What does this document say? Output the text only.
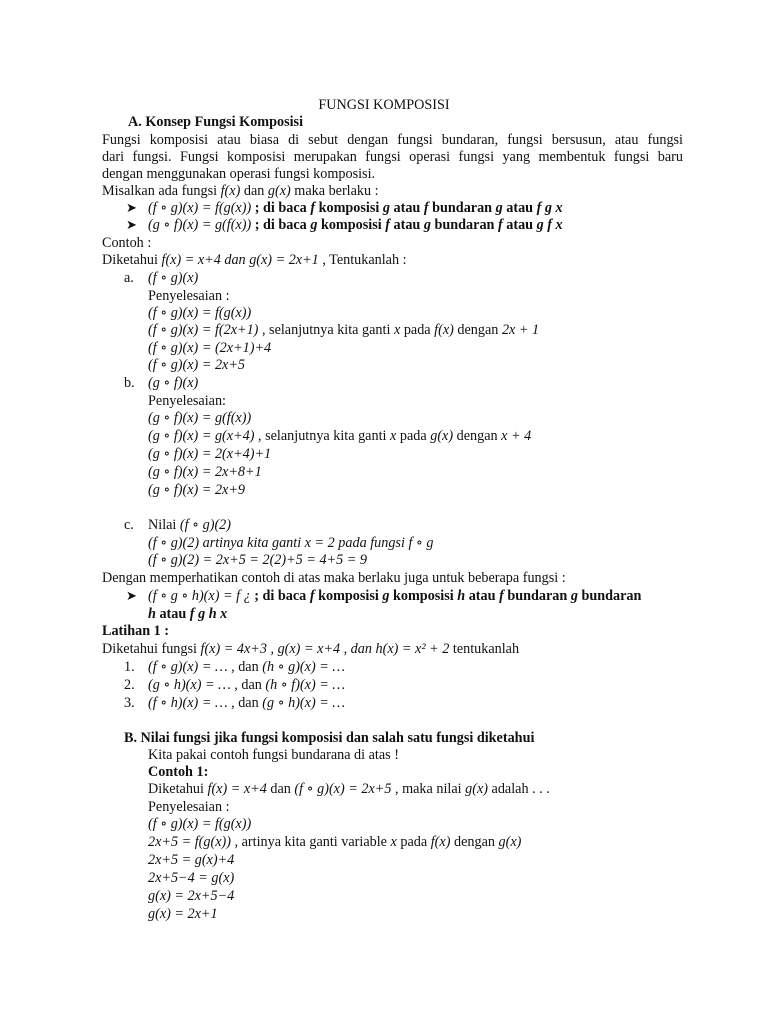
FUNGSI KOMPOSISI
A. Konsep Fungsi Komposisi
Fungsi komposisi atau biasa di sebut dengan fungsi bundaran, fungsi bersusun, atau fungsi
dari fungsi. Fungsi komposisi merupakan fungsi operasi fungsi yang membentuk fungsi baru
dengan menggunakan operasi fungsi komposisi.
Misalkan ada fungsi f(x) dan g(x) maka berlaku :
➤ (f ∘ g)(x) = f(g(x)) ; di baca f komposisi g atau f bundaran g atau f g x
➤ (g ∘ f)(x) = g(f(x)) ; di baca g komposisi f atau g bundaran f atau g f x
Contoh :
Diketahui f(x) = x+4 dan g(x) = 2x+1 , Tentukanlah :
a. (f ∘ g)(x)
Penyelesaian :
(f ∘ g)(x) = f(g(x))
(f ∘ g)(x) = f(2x+1) , selanjutnya kita ganti x pada f(x) dengan 2x + 1
(f ∘ g)(x) = (2x+1)+4
(f ∘ g)(x) = 2x+5
b. (g ∘ f)(x)
Penyelesaian:
(g ∘ f)(x) = g(f(x))
(g ∘ f)(x) = g(x+4) , selanjutnya kita ganti x pada g(x) dengan x + 4
(g ∘ f)(x) = 2(x+4)+1
(g ∘ f)(x) = 2x+8+1
(g ∘ f)(x) = 2x+9
c. Nilai (f ∘ g)(2)
(f ∘ g)(2) artinya kita ganti x = 2 pada fungsi f ∘ g
(f ∘ g)(2) = 2x+5 = 2(2)+5 = 4+5 = 9
Dengan memperhatikan contoh di atas maka berlaku juga untuk beberapa fungsi :
➤ (f ∘ g ∘ h)(x) = f ¿ ; di baca f komposisi g komposisi h atau f bundaran g bundaran
h atau f g h x
Latihan 1 :
Diketahui fungsi f(x) = 4x+3 , g(x) = x+4 , dan h(x) = x² + 2 tentukanlah
1. (f ∘ g)(x) = … , dan (h ∘ g)(x) = …
2. (g ∘ h)(x) = … , dan (h ∘ f)(x) = …
3. (f ∘ h)(x) = … , dan (g ∘ h)(x) = …
B. Nilai fungsi jika fungsi komposisi dan salah satu fungsi diketahui
Kita pakai contoh fungsi bundarana di atas !
Contoh 1:
Diketahui f(x) = x+4 dan (f ∘ g)(x) = 2x+5 , maka nilai g(x) adalah . . .
Penyelesaian :
(f ∘ g)(x) = f(g(x))
2x+5 = f(g(x)) , artinya kita ganti variable x pada f(x) dengan g(x)
2x+5 = g(x)+4
2x+5−4 = g(x)
g(x) = 2x+5−4
g(x) = 2x+1
